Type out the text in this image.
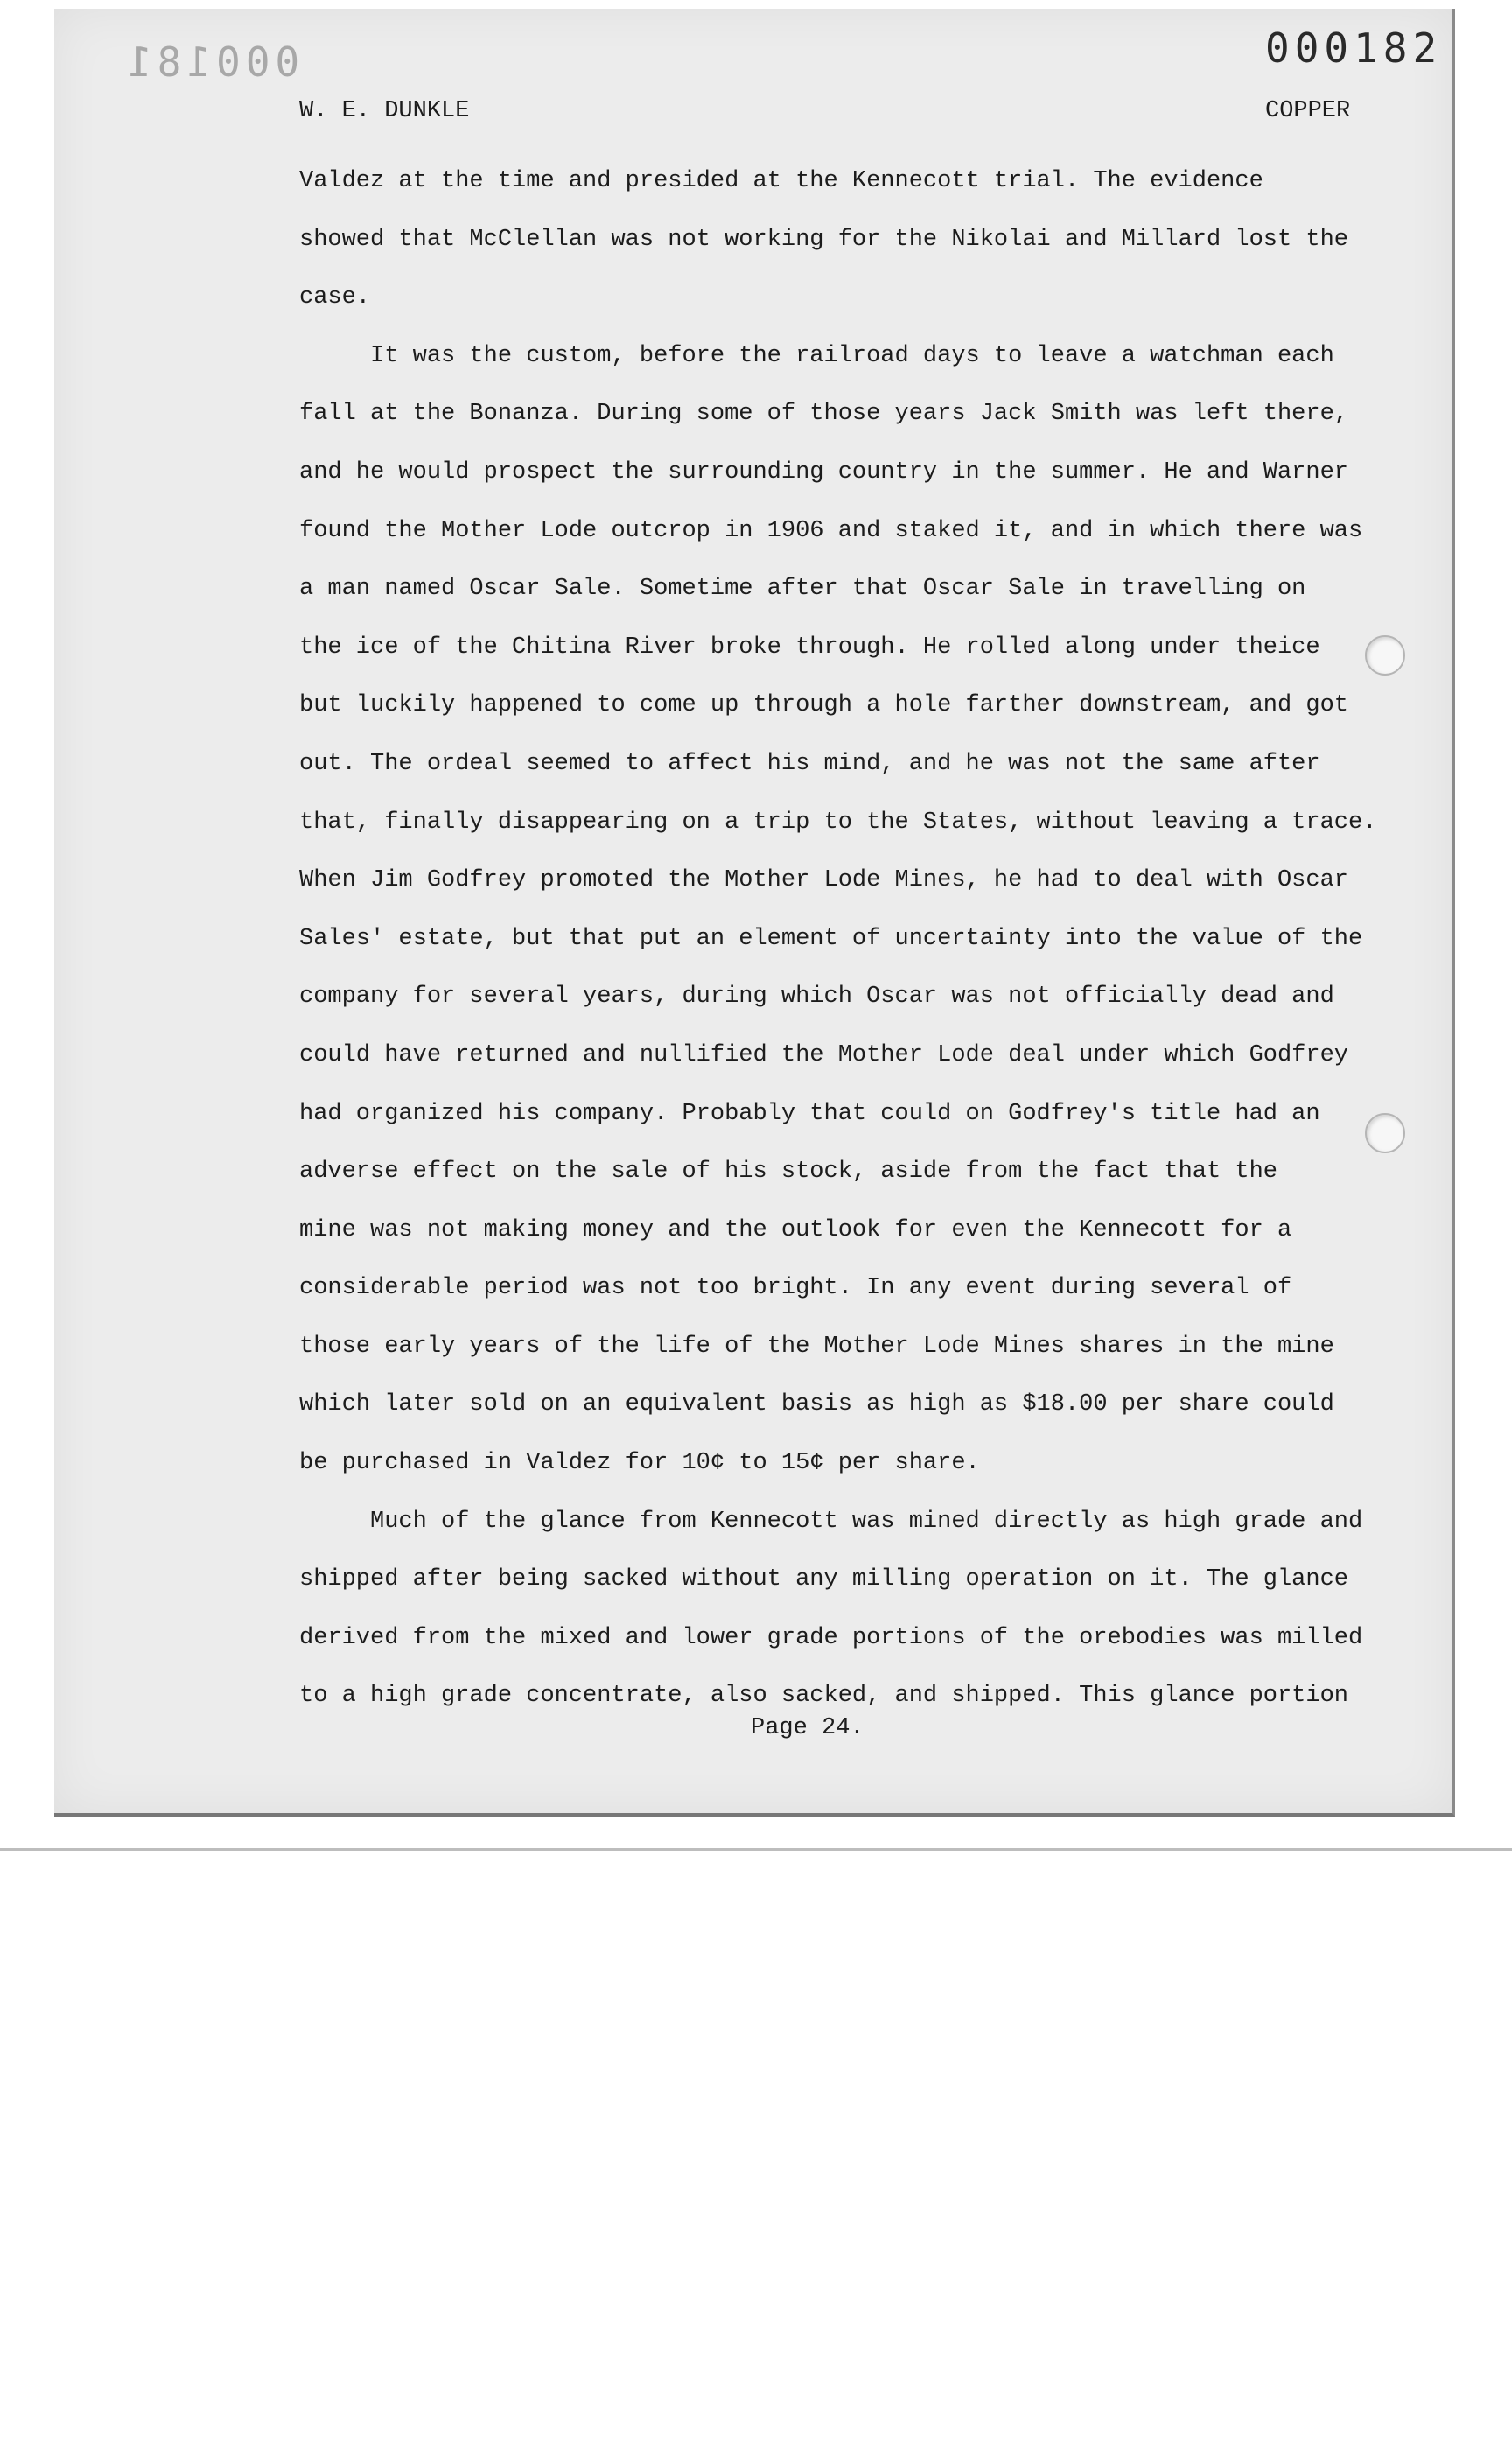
000181	000182
W. E. DUNKLE	COPPER
Valdez at the time and presided at the Kennecott trial. The evidence
showed that McClellan was not working for the Nikolai and Millard lost the
case.
It was the custom, before the railroad days to leave a watchman each
fall at the Bonanza. During some of those years Jack Smith was left there,
and he would prospect the surrounding country in the summer. He and Warner
found the Mother Lode outcrop in 1906 and staked it, and in which there was
a man named Oscar Sale. Sometime after that Oscar Sale in travelling on
the ice of the Chitina River broke through. He rolled along under theice
but luckily happened to come up through a hole farther downstream, and got
out. The ordeal seemed to affect his mind, and he was not the same after
that, finally disappearing on a trip to the States, without leaving a trace.
When Jim Godfrey promoted the Mother Lode Mines, he had to deal with Oscar
Sales' estate, but that put an element of uncertainty into the value of the
company for several years, during which Oscar was not officially dead and
could have returned and nullified the Mother Lode deal under which Godfrey
had organized his company. Probably that could on Godfrey's title had an
adverse effect on the sale of his stock, aside from the fact that the
mine was not making money and the outlook for even the Kennecott for a
considerable period was not too bright. In any event during several of
those early years of the life of the Mother Lode Mines shares in the mine
which later sold on an equivalent basis as high as $18.00 per share could
be purchased in Valdez for 10¢ to 15¢ per share.
Much of the glance from Kennecott was mined directly as high grade and
shipped after being sacked without any milling operation on it. The glance
derived from the mixed and lower grade portions of the orebodies was milled
to a high grade concentrate, also sacked, and shipped. This glance portion
Page 24.
